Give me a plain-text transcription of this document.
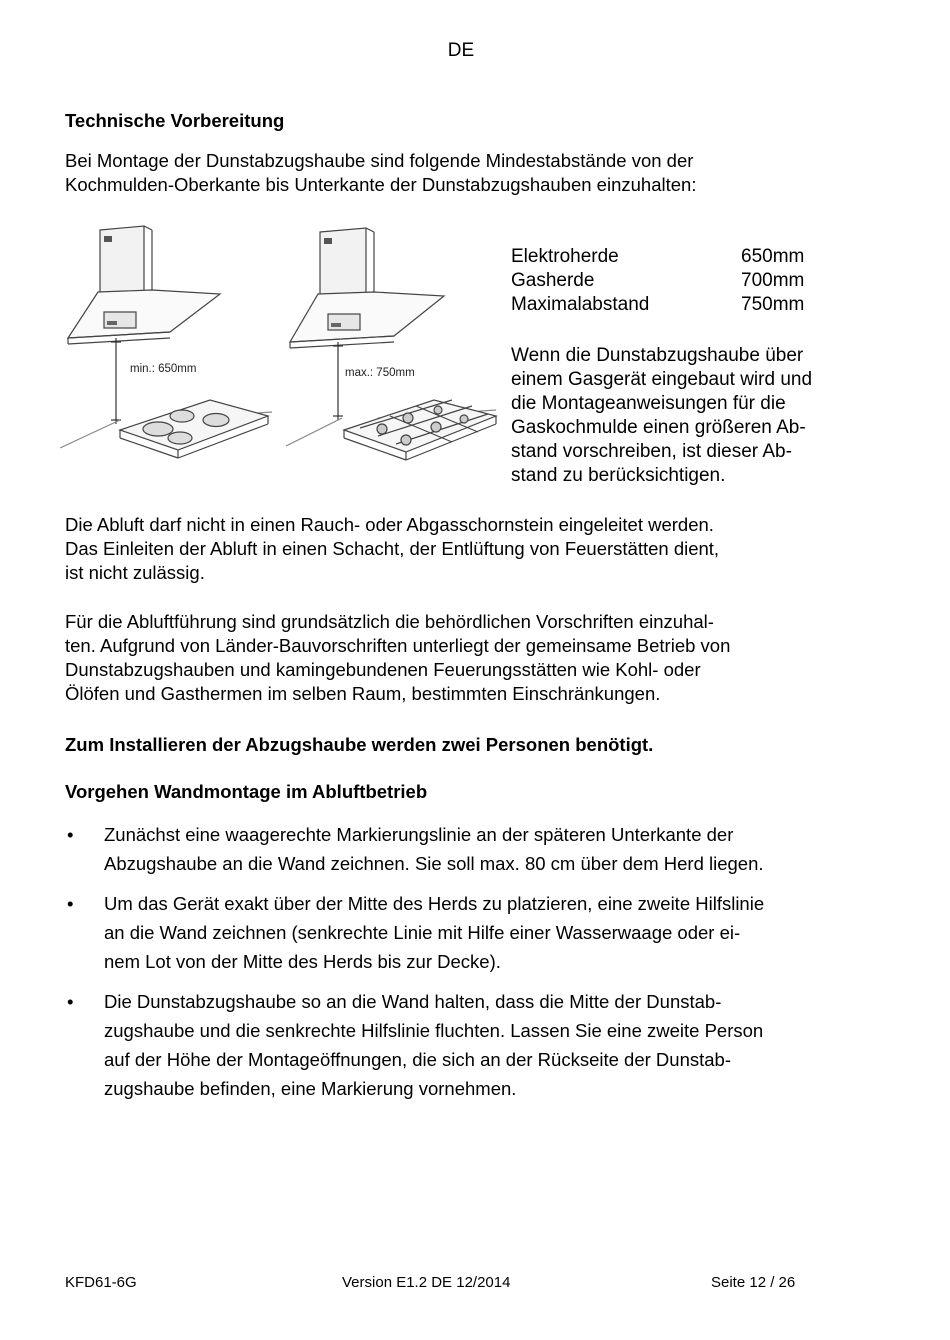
DE
Technische Vorbereitung
Bei Montage der Dunstabzugshaube sind folgende Mindestabstände von der
Kochmulden-Oberkante bis Unterkante der Dunstabzugshauben einzuhalten:
min.: 650mm	max.: 750mm
Elektroherde	650mm
Gasherde	700mm
Maximalabstand	750mm
Wenn die Dunstabzugshaube über
einem Gasgerät eingebaut wird und
die Montageanweisungen für die
Gaskochmulde einen größeren Ab-
stand vorschreiben, ist dieser Ab-
stand zu berücksichtigen.
Die Abluft darf nicht in einen Rauch- oder Abgasschornstein eingeleitet werden.
Das Einleiten der Abluft in einen Schacht, der Entlüftung von Feuerstätten dient,
ist nicht zulässig.
Für die Abluftführung sind grundsätzlich die behördlichen Vorschriften einzuhal-
ten. Aufgrund von Länder-Bauvorschriften unterliegt der gemeinsame Betrieb von
Dunstabzugshauben und kamingebundenen Feuerungsstätten wie Kohl- oder
Ölöfen und Gasthermen im selben Raum, bestimmten Einschränkungen.
Zum Installieren der Abzugshaube werden zwei Personen benötigt.
Vorgehen Wandmontage im Abluftbetrieb
• Zunächst eine waagerechte Markierungslinie an der späteren Unterkante der
Abzugshaube an die Wand zeichnen. Sie soll max. 80 cm über dem Herd liegen.
• Um das Gerät exakt über der Mitte des Herds zu platzieren, eine zweite Hilfslinie
an die Wand zeichnen (senkrechte Linie mit Hilfe einer Wasserwaage oder ei-
nem Lot von der Mitte des Herds bis zur Decke).
• Die Dunstabzugshaube so an die Wand halten, dass die Mitte der Dunstab-
zugshaube und die senkrechte Hilfslinie fluchten. Lassen Sie eine zweite Person
auf der Höhe der Montageöffnungen, die sich an der Rückseite der Dunstab-
zugshaube befinden, eine Markierung vornehmen.
KFD61-6G	Version E1.2 DE 12/2014	Seite 12 / 26
